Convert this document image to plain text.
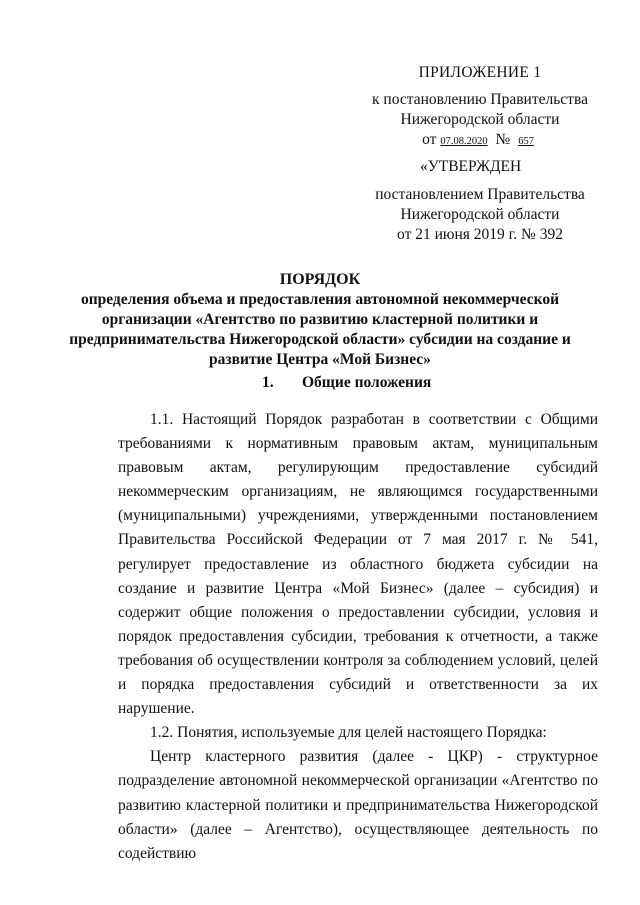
ПРИЛОЖЕНИЕ 1
к постановлению Правительства
Нижегородской области
от 07.08.2020 № 657
«УТВЕРЖДЕН
постановлением Правительства
Нижегородской области
от 21 июня 2019 г. № 392
ПОРЯДОК
определения объема и предоставления автономной некоммерческой организации «Агентство по развитию кластерной политики и предпринимательства Нижегородской области» субсидии на создание и развитие Центра «Мой Бизнес»
1. Общие положения

1.1. Настоящий Порядок разработан в соответствии с Общими требованиями к нормативным правовым актам, муниципальным правовым актам, регулирующим предоставление субсидий некоммерческим организациям, не являющимся государственными (муниципальными) учреждениями, утвержденными постановлением Правительства Российской Федерации от 7 мая 2017 г. № 541, регулирует предоставление из областного бюджета субсидии на создание и развитие Центра «Мой Бизнес» (далее – субсидия) и содержит общие положения о предоставлении субсидии, условия и порядок предоставления субсидии, требования к отчетности, а также требования об осуществлении контроля за соблюдением условий, целей и порядка предоставления субсидий и ответственности за их нарушение.

1.2. Понятия, используемые для целей настоящего Порядка:

Центр кластерного развития (далее - ЦКР) - структурное подразделение автономной некоммерческой организации «Агентство по развитию кластерной политики и предпринимательства Нижегородской области» (далее – Агентство), осуществляющее деятельность по содействию
